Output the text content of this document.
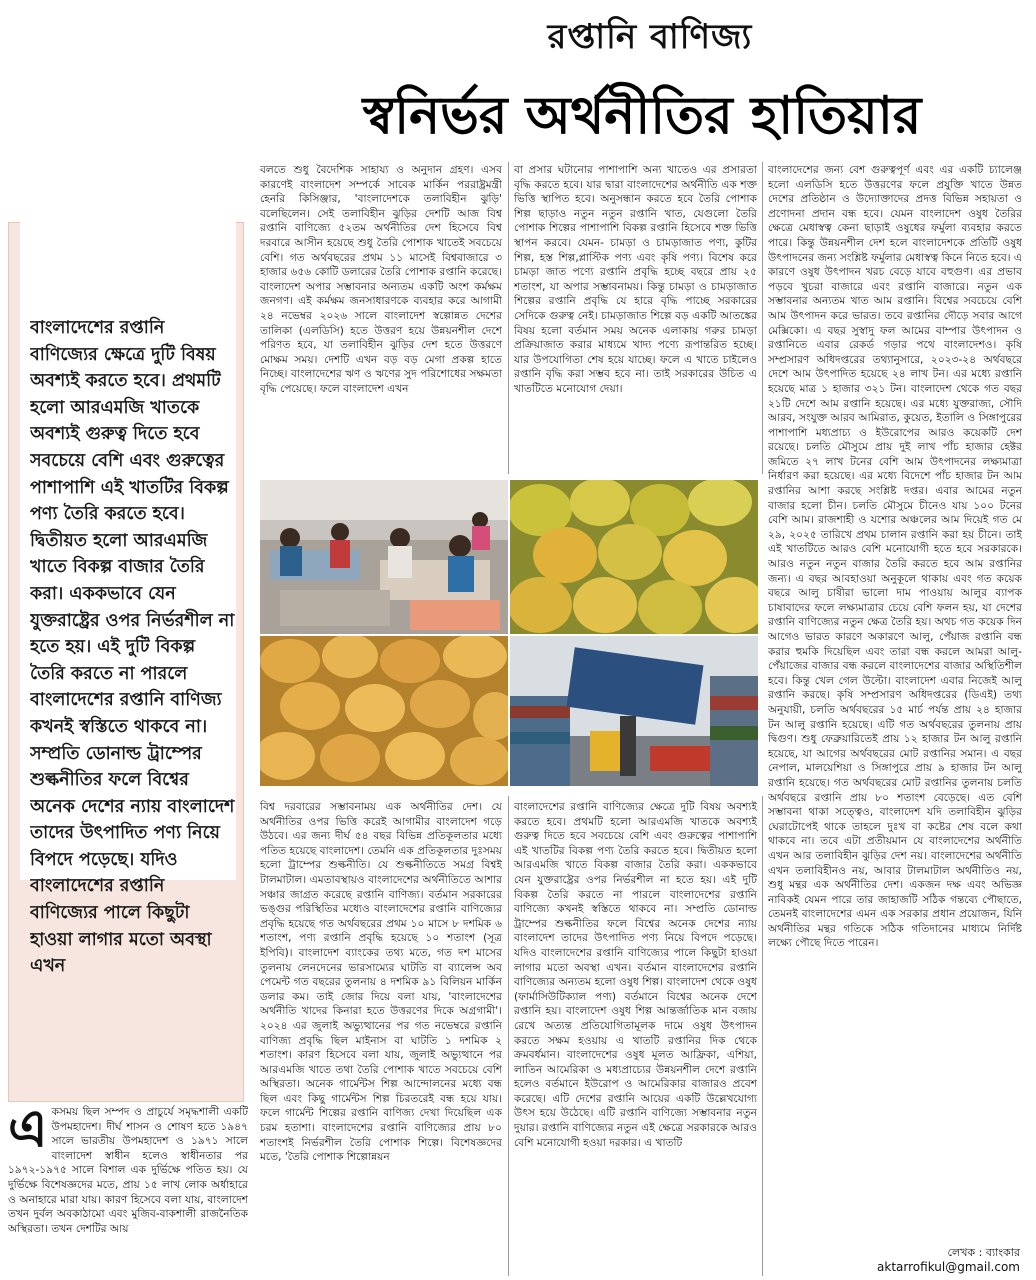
রপ্তানি বাণিজ্য
স্বনির্ভর অর্থনীতির হাতিয়ার
বাংলাদেশের রপ্তানি বাণিজ্যের ক্ষেত্রে দুটি বিষয় অবশ্যই করতে হবে। প্রথমটি হলো আরএমজি খাতকে অবশ্যই গুরুত্ব দিতে হবে সবচেয়ে বেশি এবং গুরুত্বের পাশাপাশি এই খাতটির বিকল্প পণ্য তৈরি করতে হবে। দ্বিতীয়ত হলো আরএমজি খাতে বিকল্প বাজার তৈরি করা। এককভাবে যেন যুক্তরাষ্ট্রের ওপর নির্ভরশীল না হতে হয়। এই দুটি বিকল্প তৈরি করতে না পারলে বাংলাদেশের রপ্তানি বাণিজ্য কখনই স্বস্তিতে থাকবে না। সম্প্রতি ডোনাল্ড ট্রাম্পের শুল্কনীতির ফলে বিশ্বের অনেক দেশের ন্যায় বাংলাদেশ তাদের উৎপাদিত পণ্য নিয়ে বিপদে পড়েছে। যদিও বাংলাদেশের রপ্তানি বাণিজ্যের পালে কিছুটা হাওয়া লাগার মতো অবস্থা এখন
একসময় ছিল সম্পদ ও প্রাচুর্যে সমৃদ্ধশালী একটি উপমহাদেশ। দীর্ঘ শাসন ও শোষণ হতে ১৯৪৭ সালে ভারতীয় উপমহাদেশ ও ১৯৭১ সালে বাংলাদেশ স্বাধীন হলেও স্বাধীনতার পর ১৯৭২-১৯৭৫ সালে বিশাল এক দুর্ভিক্ষে পতিত হয়। যে দুর্ভিক্ষে বিশেষজ্ঞদের মতে, প্রায় ১৫ লাখ লোক অর্ধাহারে ও অনাহারে মারা যায়। কারণ হিসেবে বলা যায়, বাংলাদেশ তখন দুর্বল অবকাঠামো এবং মুজিব-বাকশালী রাজনৈতিক অস্থিরতা। তখন দেশটির আয়

বলতে শুধু বৈদেশিক সাহায্য ও অনুদান গ্রহণ। এসব কারণেই বাংলাদেশ সম্পর্কে সাবেক মার্কিন পররাষ্ট্রমন্ত্রী হেনরি কিসিঞ্জার, 'বাংলাদেশকে তলাবিহীন ঝুড়ি' বলেছিলেন। সেই তলাবিহীন ঝুড়ির দেশটি আজ বিশ্ব রপ্তানি বাণিজ্যে ৫২তম অর্থনীতির দেশ হিসেবে বিশ্ব দরবারে আসীন হয়েছে শুধু তৈরি পোশাক খাতেই সবচেয়ে বেশি। গত অর্থবছরের প্রথম ১১ মাসেই বিশ্ববাজারে ৩ হাজার ৬৫৬ কোটি ডলারের তৈরি পোশাক রপ্তানি করেছে। বাংলাদেশ অপার সম্ভাবনার অন্যতম একটি অংশ কর্মক্ষম জনগণ। এই কর্মক্ষম জনসাধারণকে ব্যবহার করে আগামী ২৪ নভেম্বর ২০২৬ সালে বাংলাদেশ স্বল্পোন্নত দেশের তালিকা (এলডিসি) হতে উত্তরণ হয়ে উন্নয়নশীল দেশে পরিণত হবে, যা তলাবিহীন ঝুড়ির দেশ হতে উত্তরণে মোক্ষম সময়। দেশটি এখন বড় বড় মেগা প্রকল্প হাতে নিচ্ছে। বাংলাদেশের ঋণ ও ঋণের সুদ পরিশোধের সক্ষমতা বৃদ্ধি পেয়েছে। ফলে বাংলাদেশ এখন

বা প্রসার ঘটানোর পাশাপাশি অন্য খাতেও এর প্রসারতা বৃদ্ধি করতে হবে। যার দ্বারা বাংলাদেশের অর্থনীতি এক শক্ত ভিত্তি স্থাপিত হবে। অনুসন্ধান করতে হবে তৈরি পোশাক শিল্প ছাড়াও নতুন নতুন রপ্তানি খাত, যেগুলো তৈরি পোশাক শিল্পের পাশাপাশি বিকল্প রপ্তানি হিসেবে শক্ত ভিত্তি স্থাপন করবে। যেমন- চামড়া ও চামড়াজাত পণ্য, কুটির শিল্প, হস্ত শিল্প,প্লাস্টিক পণ্য এবং কৃষি পণ্য। বিশেষ করে চামড়া জাত পণ্যে রপ্তানি প্রবৃদ্ধি হচ্ছে বছরে প্রায় ২৫ শতাংশ, যা অপার সম্ভাবনাময়। কিন্তু চামড়া ও চামড়াজাত শিল্পের রপ্তানি প্রবৃদ্ধি যে হারে বৃদ্ধি পাচ্ছে সরকারের সেদিকে গুরুত্ব নেই। চামড়াজাত শিল্পে বড় একটি আতঙ্কের বিষয় হলো বর্তমান সময় অনেক এলাকায় গরুর চামড়া প্রক্রিয়াজাত করার মাধ্যমে খাদ্য পণ্যে রূপান্তরিত হচ্ছে। যার উপযোগিতা শেষ হয়ে যাচ্ছে। ফলে এ খাতে চাইলেও রপ্তানি বৃদ্ধি করা সম্ভব হবে না। তাই সরকারের উচিত এ খাতটিতে মনোযোগ দেয়া।

বাংলাদেশের জন্য বেশ গুরুত্বপূর্ণ এবং এর একটি চ্যালেঞ্জ হলো এলডিসি হতে উত্তরণের ফলে প্রযুক্তি খাতে উন্নত দেশের প্রতিষ্ঠান ও উদ্যোক্তাদের প্রদত্ত বিভিন্ন সহায়তা ও প্রণোদনা প্রদান বন্ধ হবে। যেমন বাংলাদেশ ওষুধ তৈরির ক্ষেত্রে মেধাস্বত্ব কেনা ছাড়াই ওষুধের ফর্মুলা ব্যবহার করতে পারে। কিন্তু উন্নয়নশীল দেশ হলে বাংলাদেশকে প্রতিটি ওষুধ উৎপাদনের জন্য সংশ্লিষ্ট ফর্মুলার মেধাস্বত্ব কিনে নিতে হবে। এ কারণে ওষুধ উৎপাদন খরচ বেড়ে যাবে বহুগুণ। এর প্রভাব পড়বে খুচরা বাজারে এবং রপ্তানি বাজারে। নতুন এক সম্ভাবনার অন্যতম খাত আম রপ্তানি। বিশ্বের সবচেয়ে বেশি আম উৎপাদন করে ভারত। তবে রপ্তানির দৌড়ে সবার আগে মেক্সিকো। এ বছর সুস্বাদু ফল আমের বাম্পার উৎপাদন ও রপ্তানিতে এবার রেকর্ড গড়ার পথে বাংলাদেশও। কৃষি সম্প্রসারণ অধিদপ্তরের তথ্যানুসারে, ২০২৩-২৪ অর্থবছরে দেশে আম উৎপাদিত হয়েছে ২৪ লাখ টন। এর মধ্যে রপ্তানি হয়েছে মাত্র ১ হাজার ৩২১ টন। বাংলাদেশ থেকে গত বছর ২১টি দেশে আম রপ্তানি হয়েছে। এর মধ্যে যুক্তরাজ্য, সৌদি আরব, সংযুক্ত আরব আমিরাত, কুয়েত, ইতালি ও সিঙ্গাপুরের পাশাপাশি মধ্যপ্রাচ্য ও ইউরোপের আরও কয়েকটি দেশ রয়েছে। চলতি মৌসুমে প্রায় দুই লাখ পাঁচ হাজার হেক্টর জমিতে ২৭ লাখ টনের বেশি আম উৎপাদনের লক্ষ্যমাত্রা নির্ধারণ করা হয়েছে। এর মধ্যে বিদেশে পাঁচ হাজার টন আম রপ্তানির আশা করছে সংশ্লিষ্ট দপ্তর। এবার আমের নতুন বাজার হলো চীন। চলতি মৌসুমে চীনেও যায় ১০০ টনের বেশি আম। রাজশাহী ও যশোর অঞ্চলের আম দিয়েই গত মে ২৯, ২০২৫ তারিখে প্রথম চালান রপ্তানি করা হয় চীনে। তাই এই খাতটিতে আরও বেশি মনোযোগী হতে হবে সরকারকে। আরও নতুন নতুন বাজার তৈরি করতে হবে আম রপ্তানির জন্য। এ বছর আবহাওয়া অনুকূলে থাকায় এবং গত কয়েক বছরে আলু চাষীরা ভালো দাম পাওয়ায় আলুর ব্যাপক চাষাবাদের ফলে লক্ষ্যমাত্রার চেয়ে বেশি ফলন হয়, যা দেশের রপ্তানি বাণিজ্যের নতুন ক্ষেত্র তৈরি হয়। অথচ গত কয়েক দিন আগেও ভারত কারণে অকারণে আলু, পেঁয়াজ রপ্তানি বন্ধ করার হুমকি দিয়েছিল এবং তারা বন্ধ করলে আমরা আলু-পেঁয়াজের বাজার বন্ধ করলে বাংলাদেশের বাজার অস্থিতিশীল হবে। কিন্তু খেল গেল উল্টো। বাংলাদেশ এবার নিজেই আলু রপ্তানি করছে। কৃষি সম্প্রসারণ অধিদপ্তরের (ডিএই) তথ্য অনুযায়ী, চলতি অর্থবছরের ১৫ মার্চ পর্যন্ত প্রায় ২৪ হাজার টন আলু রপ্তানি হয়েছে। এটি গত অর্থবছরের তুলনায় প্রায় দ্বিগুণ। শুধু ফেব্রুয়ারিতেই প্রায় ১২ হাজার টন আলু রপ্তানি হয়েছে, যা আগের অর্থবছরের মোট রপ্তানির সমান। এ বছর নেপাল, মালয়েশিয়া ও সিঙ্গাপুরে প্রায় ৯ হাজার টন আলু রপ্তানি হয়েছে। গত অর্থবছরের মোট রপ্তানির তুলনায় চলতি অর্থবছরে রপ্তানি প্রায় ৮০ শতাংশ বেড়েছে। এত বেশি সম্ভাবনা থাকা সত্ত্বেও, বাংলাদেশ যদি তলাবিহীন ঝুড়ির ঘেরাটোপেই থাকে তাহলে দুঃখ বা কষ্টের শেষ বলে কথা থাকবে না। তবে এটা প্রতীয়মান যে বাংলাদেশের অর্থনীতি এখন আর তলাবিহীন ঝুড়ির দেশ নয়। বাংলাদেশের অর্থনীতি এখন তলাবিহীনও নয়, আবার টালমাটাল অর্থনীতিও নয়, শুধু মন্থর এক অর্থনীতির দেশ। একজন দক্ষ এবং অভিজ্ঞ নাবিকই যেমন পারে তার জাহাজটি সঠিক গন্তব্যে পৌছাতে, তেমনই বাংলাদেশের এমন এক সরকার প্রধান প্রয়োজন, যিনি অর্থনীতির মন্থর গতিকে সঠিক গতিদানের মাধ্যমে নির্দিষ্ট লক্ষ্যে পৌছে দিতে পারেন।

বিশ্ব দরবারের সম্ভাবনাময় এক অর্থনীতির দেশ। যে অর্থনীতির ওপর ভিত্তি করেই আগামীর বাংলাদেশ গড়ে উঠবে। এর জন্য দীর্ঘ ৫৪ বছর বিভিন্ন প্রতিকূলতার মধ্যে পতিত হয়েছে বাংলাদেশ। তেমনি এক প্রতিকূলতার দুঃসময় হলো ট্রাম্পের শুল্কনীতি। যে শুল্কনীতিতে সমগ্র বিশ্বই টালমাটাল। এমতাবস্থায়ও বাংলাদেশের অর্থনীতিতে আশার সঞ্চার জাগ্রত করেছে রপ্তানি বাণিজ্য। বর্তমান সরকারের ভঙ্গুর পরিস্থিতির মধ্যেও বাংলাদেশের রপ্তানি বাণিজ্যের প্রবৃদ্ধি হয়েছে গত অর্থবছরের প্রথম ১০ মাসে ৮ দশমিক ৬ শতাংশ, পণ্য রপ্তানি প্রবৃদ্ধি হয়েছে ১০ শতাংশ (সূত্র ইপিবি)। বাংলাদেশ ব্যাংকের তথ্য মতে, গত দশ মাসের তুলনায় লেনদেনের ভারসাম্যের ঘাটতি বা ব্যালেন্স অব পেমেন্ট গত বছরের তুলনায় ৪ দশমিক ৯১ বিলিয়ন মার্কিন ডলার কম। তাই জোর দিয়ে বলা যায়, 'বাংলাদেশের অর্থনীতি খাদের কিনারা হতে উত্তরণের দিকে অগ্রগামী'। ২০২৪ এর জুলাই অভ্যুত্থানের পর গত নভেম্বরে রপ্তানি বাণিজ্য প্রবৃদ্ধি ছিল মাইনাস বা ঘাটতি ১ দশমিক ২ শতাংশ। কারণ হিসেবে বলা যায়, জুলাই অভ্যুত্থানে পর আরএমজি খাতে তথা তৈরি পোশাক খাতে সবচেয়ে বেশি অস্থিরতা। অনেক গার্মেন্টস শিল্প আন্দোলনের মধ্যে বন্ধ ছিল এবং কিছু গার্মেন্টস শিল্প চিরতরেই বন্ধ হয়ে যায়। ফলে গার্মেন্ট শিল্পের রপ্তানি বাণিজ্য দেখা দিয়েছিল এক চরম হতাশা। বাংলাদেশের রপ্তানি বাণিজ্যের প্রায় ৮০ শতাংশই নির্ভরশীল তৈরি পোশাক শিল্পে। বিশেষজ্ঞদের মতে, 'তৈরি পোশাক শিল্পোন্নয়ন

বাংলাদেশের রপ্তানি বাণিজ্যের ক্ষেত্রে দুটি বিষয় অবশ্যই করতে হবে। প্রথমটি হলো আরএমজি খাতকে অবশ্যই গুরুত্ব দিতে হবে সবচেয়ে বেশি এবং গুরুত্বের পাশাপাশি এই খাতটির বিকল্প পণ্য তৈরি করতে হবে। দ্বিতীয়ত হলো আরএমজি খাতে বিকল্প বাজার তৈরি করা। এককভাবে যেন যুক্তরাষ্ট্রের ওপর নির্ভরশীল না হতে হয়। এই দুটি বিকল্প তৈরি করতে না পারলে বাংলাদেশের রপ্তানি বাণিজ্যে কখনই স্বস্তিতে থাকবে না। সম্প্রতি ডোনাল্ড ট্রাম্পের শুল্কনীতির ফলে বিশ্বের অনেক দেশের ন্যায় বাংলাদেশ তাদের উৎপাদিত পণ্য নিয়ে বিপদে পড়েছে। যদিও বাংলাদেশের রপ্তানি বাণিজ্যের পালে কিছুটা হাওয়া লাগার মতো অবস্থা এখন। বর্তমান বাংলাদেশের রপ্তানি বাণিজ্যের অন্যতম হলো ওষুধ শিল্প। বাংলাদেশ থেকে ওষুধ (ফার্মাসিউটিক্যাল পণ্য) বর্তমানে বিশ্বের অনেক দেশে রপ্তানি হয়। বাংলাদেশ ওষুধ শিল্প আন্তর্জাতিক মান বজায় রেখে অত্যন্ত প্রতিযোগিতামূলক দামে ওষুধ উৎপাদন করতে সক্ষম হওয়ায় এ খাতটি রপ্তানির দিক থেকে ক্রমবর্ধমান। বাংলাদেশের ওষুধ মূলত আফ্রিকা, এশিয়া, লাতিন আমেরিকা ও মধ্যপ্রাচ্যের উন্নয়নশীল দেশে রপ্তানি হলেও বর্তমানে ইউরোপ ও আমেরিকার বাজারও প্রবেশ করেছে। এটি দেশের রপ্তানি আয়ের একটি উল্লেখযোগ্য উৎস হয়ে উঠেছে। এটি রপ্তানি বাণিজ্যে সম্ভাবনার নতুন দুয়ার। রপ্তানি বাণিজ্যের নতুন এই ক্ষেত্রে সরকারকে আরও বেশি মনোযোগী হওয়া দরকার। এ খাতটি

লেখক : ব্যাংকার
aktarrofikul@gmail.com
